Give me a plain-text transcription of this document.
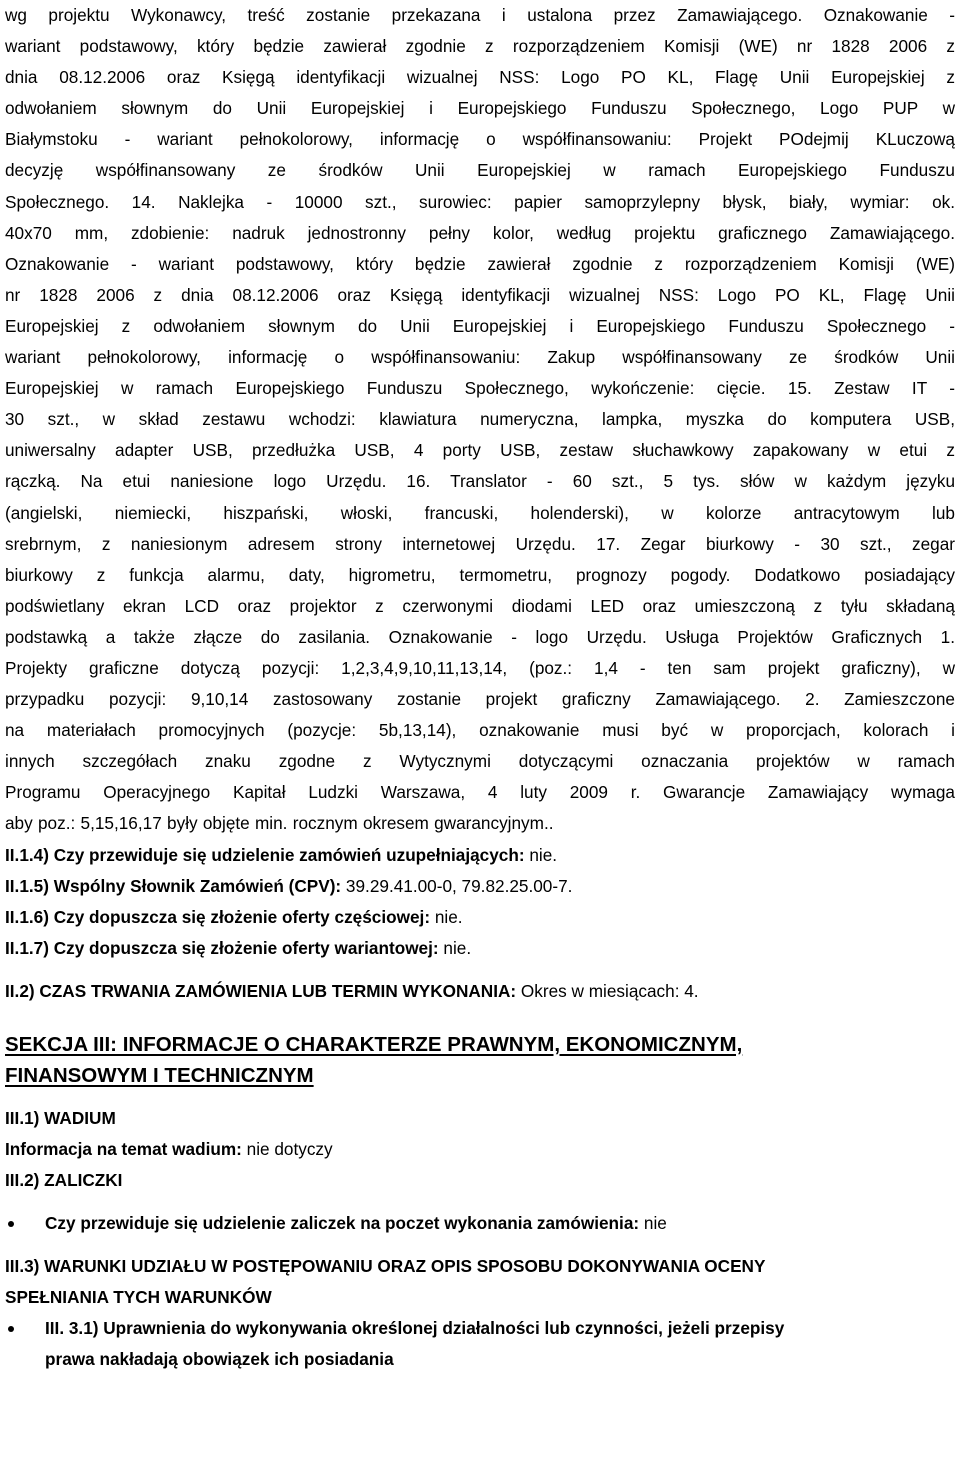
wg projektu Wykonawcy, treść zostanie przekazana i ustalona przez Zamawiającego. Oznakowanie -
wariant podstawowy, który będzie zawierał zgodnie z rozporządzeniem Komisji (WE) nr 1828 2006 z
dnia 08.12.2006 oraz Księgą identyfikacji wizualnej NSS: Logo PO KL, Flagę Unii Europejskiej z
odwołaniem słownym do Unii Europejskiej i Europejskiego Funduszu Społecznego, Logo PUP w
Białymstoku - wariant pełnokolorowy, informację o współfinansowaniu: Projekt POdejmij KLuczową
decyzję współfinansowany ze środków Unii Europejskiej w ramach Europejskiego Funduszu
Społecznego. 14. Naklejka - 10000 szt., surowiec: papier samoprzylepny błysk, biały, wymiar: ok.
40x70 mm, zdobienie: nadruk jednostronny pełny kolor, według projektu graficznego Zamawiającego.
Oznakowanie - wariant podstawowy, który będzie zawierał zgodnie z rozporządzeniem Komisji (WE)
nr 1828 2006 z dnia 08.12.2006 oraz Księgą identyfikacji wizualnej NSS: Logo PO KL, Flagę Unii
Europejskiej z odwołaniem słownym do Unii Europejskiej i Europejskiego Funduszu Społecznego -
wariant pełnokolorowy, informację o współfinansowaniu: Zakup współfinansowany ze środków Unii
Europejskiej w ramach Europejskiego Funduszu Społecznego, wykończenie: cięcie. 15. Zestaw IT -
30 szt., w skład zestawu wchodzi: klawiatura numeryczna, lampka, myszka do komputera USB,
uniwersalny adapter USB, przedłużka USB, 4 porty USB, zestaw słuchawkowy zapakowany w etui z
rączką. Na etui naniesione logo Urzędu. 16. Translator - 60 szt., 5 tys. słów w każdym języku
(angielski, niemiecki, hiszpański, włoski, francuski, holenderski), w kolorze antracytowym lub
srebrnym, z naniesionym adresem strony internetowej Urzędu. 17. Zegar biurkowy - 30 szt., zegar
biurkowy z funkcja alarmu, daty, higrometru, termometru, prognozy pogody. Dodatkowo posiadający
podświetlany ekran LCD oraz projektor z czerwonymi diodami LED oraz umieszczoną z tyłu składaną
podstawką a także złącze do zasilania. Oznakowanie - logo Urzędu. Usługa Projektów Graficznych 1.
Projekty graficzne dotyczą pozycji: 1,2,3,4,9,10,11,13,14, (poz.: 1,4 - ten sam projekt graficzny), w
przypadku pozycji: 9,10,14 zastosowany zostanie projekt graficzny Zamawiającego. 2. Zamieszczone
na materiałach promocyjnych (pozycje: 5b,13,14), oznakowanie musi być w proporcjach, kolorach i
innych szczegółach znaku zgodne z Wytycznymi dotyczącymi oznaczania projektów w ramach
Programu Operacyjnego Kapitał Ludzki Warszawa, 4 luty 2009 r. Gwarancje Zamawiający wymaga

aby poz.: 5,15,16,17 były objęte min. rocznym okresem gwarancyjnym..

II.1.4) Czy przewiduje się udzielenie zamówień uzupełniających: nie.

II.1.5) Wspólny Słownik Zamówień (CPV): 39.29.41.00-0, 79.82.25.00-7.

II.1.6) Czy dopuszcza się złożenie oferty częściowej: nie.

II.1.7) Czy dopuszcza się złożenie oferty wariantowej: nie.

II.2) CZAS TRWANIA ZAMÓWIENIA LUB TERMIN WYKONANIA: Okres w miesiącach: 4.

SEKCJA III: INFORMACJE O CHARAKTERZE PRAWNYM, EKONOMICZNYM,

FINANSOWYM I TECHNICZNYM

III.1) WADIUM

Informacja na temat wadium: nie dotyczy

III.2) ZALICZKI

Czy przewiduje się udzielenie zaliczek na poczet wykonania zamówienia: nie

III.3) WARUNKI UDZIAŁU W POSTĘPOWANIU ORAZ OPIS SPOSOBU DOKONYWANIA OCENY

SPEŁNIANIA TYCH WARUNKÓW

III. 3.1) Uprawnienia do wykonywania określonej działalności lub czynności, jeżeli przepisy
prawa nakładają obowiązek ich posiadania
